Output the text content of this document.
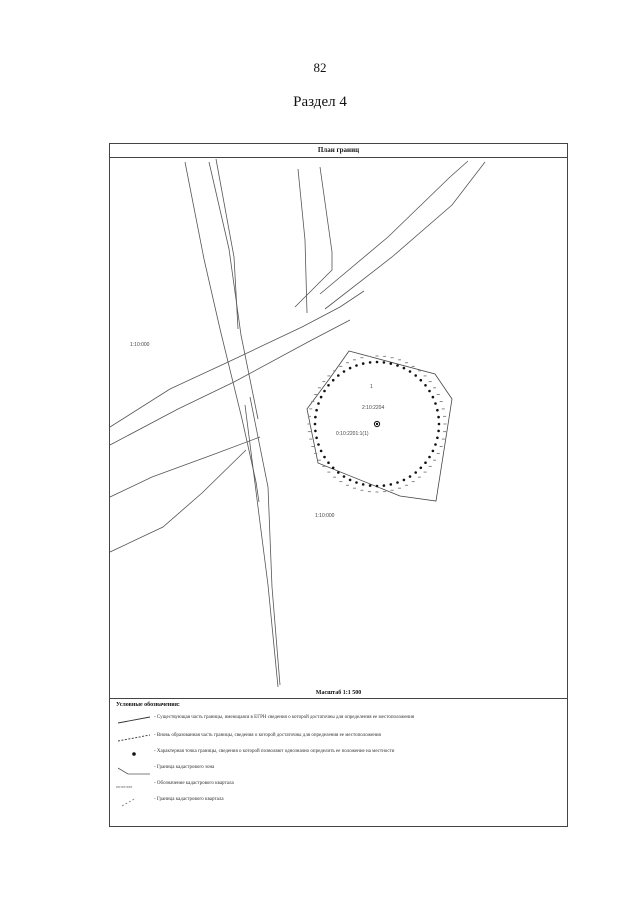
82
Раздел 4
План границ
1
2:10:2204
0:10:2201:1(1)
1:10:000
1:10:000
Масштаб 1:1 500
Условные обозначения:
- Существующая часть границы, имеющаяся в ЕГРН сведения о которой достаточны для определения ее местоположения
- Вновь образованная часть границы, сведения о которой достаточны для определения ее местоположения
- Характерная точка границы, сведения о которой позволяют однозначно определить ее положение на местности
- Граница кадастрового зона
xx:xx:xxx
- Обозначение кадастрового квартала
- Граница кадастрового квартала
